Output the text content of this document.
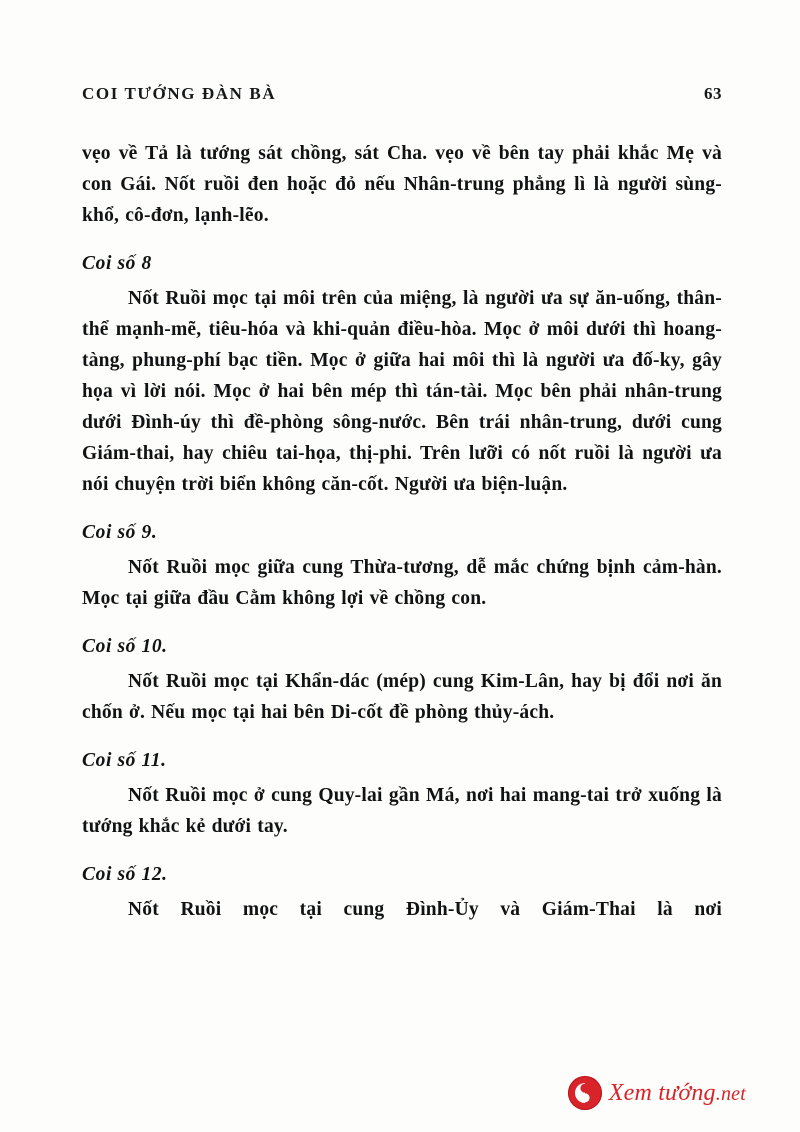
COI TƯỚNG ĐÀN BÀ	63

vẹo về Tả là tướng sát chồng, sát Cha. vẹo về bên tay phải khắc Mẹ và con Gái. Nốt ruồi đen hoặc đỏ nếu Nhân-trung phẳng lì là người sùng-khổ, cô-đơn, lạnh-lẽo.

Coi số 8

Nốt Ruồi mọc tại môi trên của miệng, là người ưa sự ăn-uống, thân-thể mạnh-mẽ, tiêu-hóa và khi-quản điều-hòa. Mọc ở môi dưới thì hoang-tàng, phung-phí bạc tiền. Mọc ở giữa hai môi thì là người ưa đố-ky, gây họa vì lời nói. Mọc ở hai bên mép thì tán-tài. Mọc bên phải nhân-trung dưới Đình-úy thì đề-phòng sông-nước. Bên trái nhân-trung, dưới cung Giám-thai, hay chiêu tai-họa, thị-phi. Trên lưỡi có nốt ruồi là người ưa nói chuyện trời biển không căn-cốt. Người ưa biện-luận.

Coi số 9.

Nốt Ruồi mọc giữa cung Thừa-tương, dễ mắc chứng bịnh cảm-hàn. Mọc tại giữa đầu Cằm không lợi về chồng con.

Coi số 10.

Nốt Ruồi mọc tại Khẩn-dác (mép) cung Kim-Lân, hay bị đổi nơi ăn chốn ở. Nếu mọc tại hai bên Di-cốt đề phòng thủy-ách.

Coi số 11.

Nốt Ruồi mọc ở cung Quy-lai gần Má, nơi hai mang-tai trở xuống là tướng khắc kẻ dưới tay.

Coi số 12.

Nốt Ruồi mọc tại cung Đình-Ủy và Giám-Thai là nơi

Xem tướng.net
